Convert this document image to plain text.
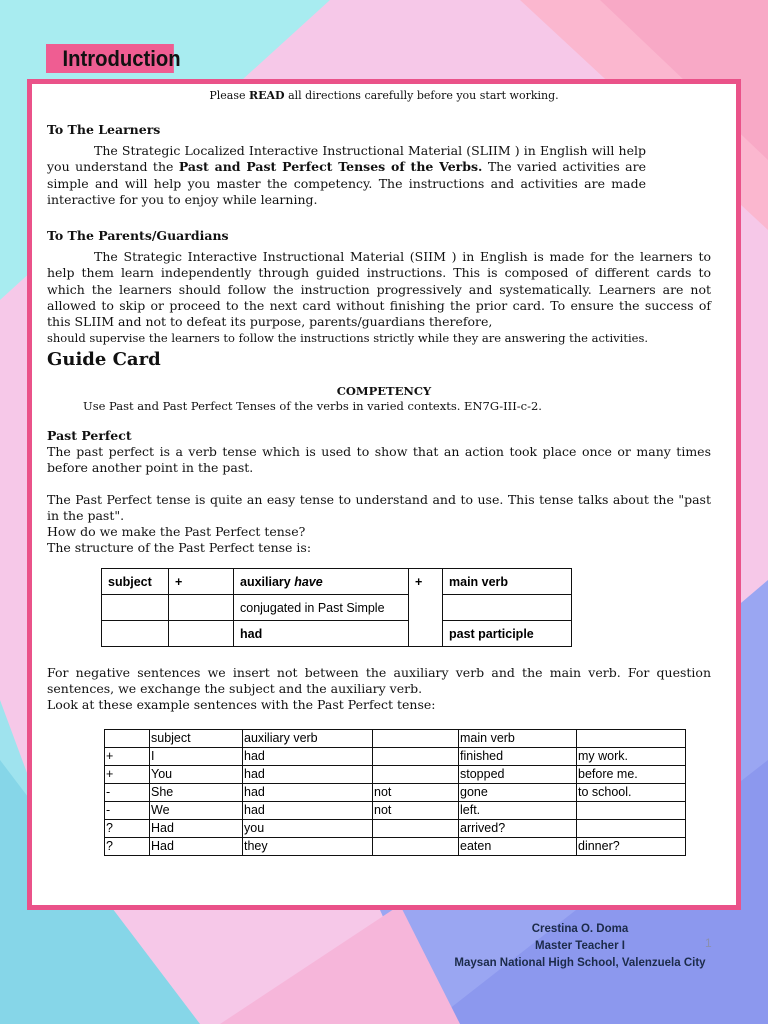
Introduction
Please READ all directions carefully before you start working.
To The Learners
The Strategic Localized Interactive Instructional Material (SLIIM ) in English will help you understand the Past and Past Perfect Tenses of the Verbs. The varied activities are simple and will help you master the competency. The instructions and activities are made interactive for you to enjoy while learning.
To The Parents/Guardians
The Strategic Interactive Instructional Material (SIIM ) in English is made for the learners to help them learn independently through guided instructions. This is composed of different cards to which the learners should follow the instruction progressively and systematically. Learners are not allowed to skip or proceed to the next card without finishing the prior card. To ensure the success of this SLIIM and not to defeat its purpose, parents/guardians therefore,
should supervise the learners to follow the instructions strictly while they are answering the activities.
Guide Card
COMPETENCY
Use Past and Past Perfect Tenses of the verbs in varied contexts. EN7G-III-c-2.
Past Perfect
The past perfect is a verb tense which is used to show that an action took place once or many times before another point in the past.
The Past Perfect tense is quite an easy tense to understand and to use. This tense talks about the "past in the past".
How do we make the Past Perfect tense?
The structure of the Past Perfect tense is:
subject	+	auxiliary have	+	main verb
		conjugated in Past Simple		
		had		past participle
For negative sentences we insert not between the auxiliary verb and the main verb. For question sentences, we exchange the subject and the auxiliary verb.
Look at these example sentences with the Past Perfect tense:
	subject	auxiliary verb		main verb	
+	I	had		finished	my work.
+	You	had		stopped	before me.
-	She	had	not	gone	to school.
-	We	had	not	left.	
?	Had	you		arrived?	
?	Had	they		eaten	dinner?
Crestina O. Doma
Master Teacher I
Maysan National High School, Valenzuela City
1
